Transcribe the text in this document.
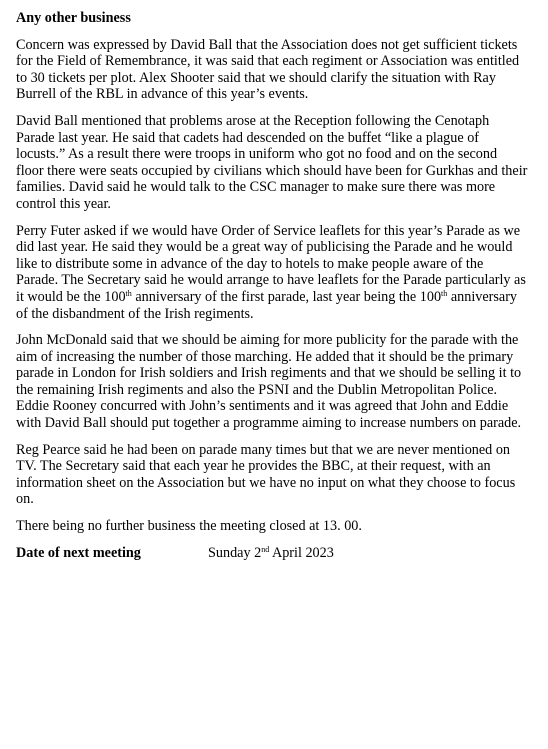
Any other business

Concern was expressed by David Ball that the Association does not get sufficient tickets for the Field of Remembrance, it was said that each regiment or Association was entitled to 30 tickets per plot. Alex Shooter said that we should clarify the situation with Ray Burrell of the RBL in advance of this year’s events.

David Ball mentioned that problems arose at the Reception following the Cenotaph Parade last year. He said that cadets had descended on the buffet “like a plague of locusts.” As a result there were troops in uniform who got no food and on the second floor there were seats occupied by civilians which should have been for Gurkhas and their families. David said he would talk to the CSC manager to make sure there was more control this year.

Perry Futer asked if we would have Order of Service leaflets for this year’s Parade as we did last year. He said they would be a great way of publicising the Parade and he would like to distribute some in advance of the day to hotels to make people aware of the Parade. The Secretary said he would arrange to have leaflets for the Parade particularly as it would be the 100th anniversary of the first parade, last year being the 100th anniversary of the disbandment of the Irish regiments.

John McDonald said that we should be aiming for more publicity for the parade with the aim of increasing the number of those marching. He added that it should be the primary parade in London for Irish soldiers and Irish regiments and that we should be selling it to the remaining Irish regiments and also the PSNI and the Dublin Metropolitan Police. Eddie Rooney concurred with John’s sentiments and it was agreed that John and Eddie with David Ball should put together a programme aiming to increase numbers on parade.

Reg Pearce said he had been on parade many times but that we are never mentioned on TV. The Secretary said that each year he provides the BBC, at their request, with an information sheet on the Association but we have no input on what they choose to focus on.

There being no further business the meeting closed at 13. 00.

Date of next meeting	Sunday 2nd April 2023
